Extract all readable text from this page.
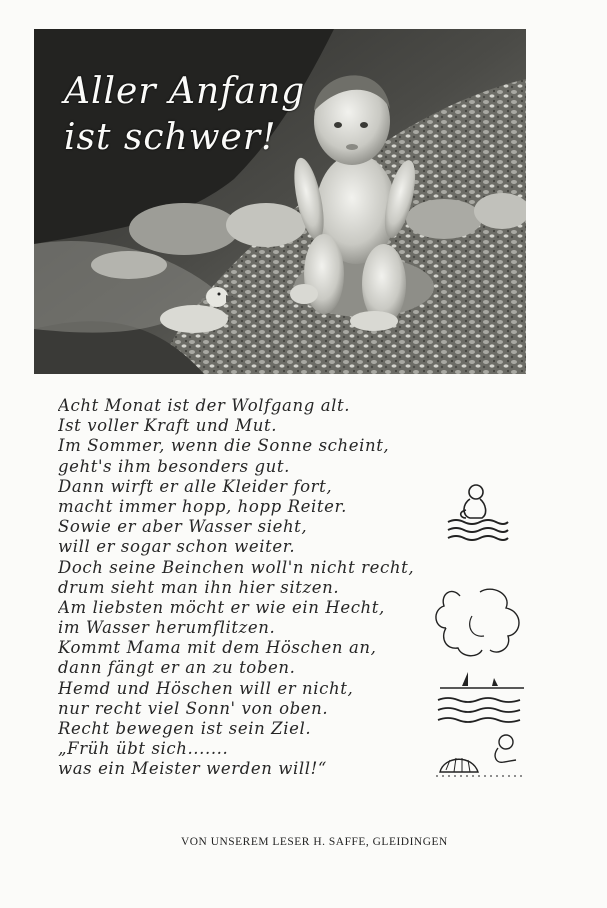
Aller Anfang
ist schwer!
Acht Monat ist der Wolfgang alt.
Ist voller Kraft und Mut.
Im Sommer, wenn die Sonne scheint,
geht's ihm besonders gut.
Dann wirft er alle Kleider fort,
macht immer hopp, hopp Reiter.
Sowie er aber Wasser sieht,
will er sogar schon weiter.
Doch seine Beinchen woll'n nicht recht,
drum sieht man ihn hier sitzen.
Am liebsten möcht er wie ein Hecht,
im Wasser herumflitzen.
Kommt Mama mit dem Höschen an,
dann fängt er an zu toben.
Hemd und Höschen will er nicht,
nur recht viel Sonn' von oben.
Recht bewegen ist sein Ziel.
„Früh übt sich.......
was ein Meister werden will!“
VON UNSEREM LESER H. SAFFE, GLEIDINGEN
